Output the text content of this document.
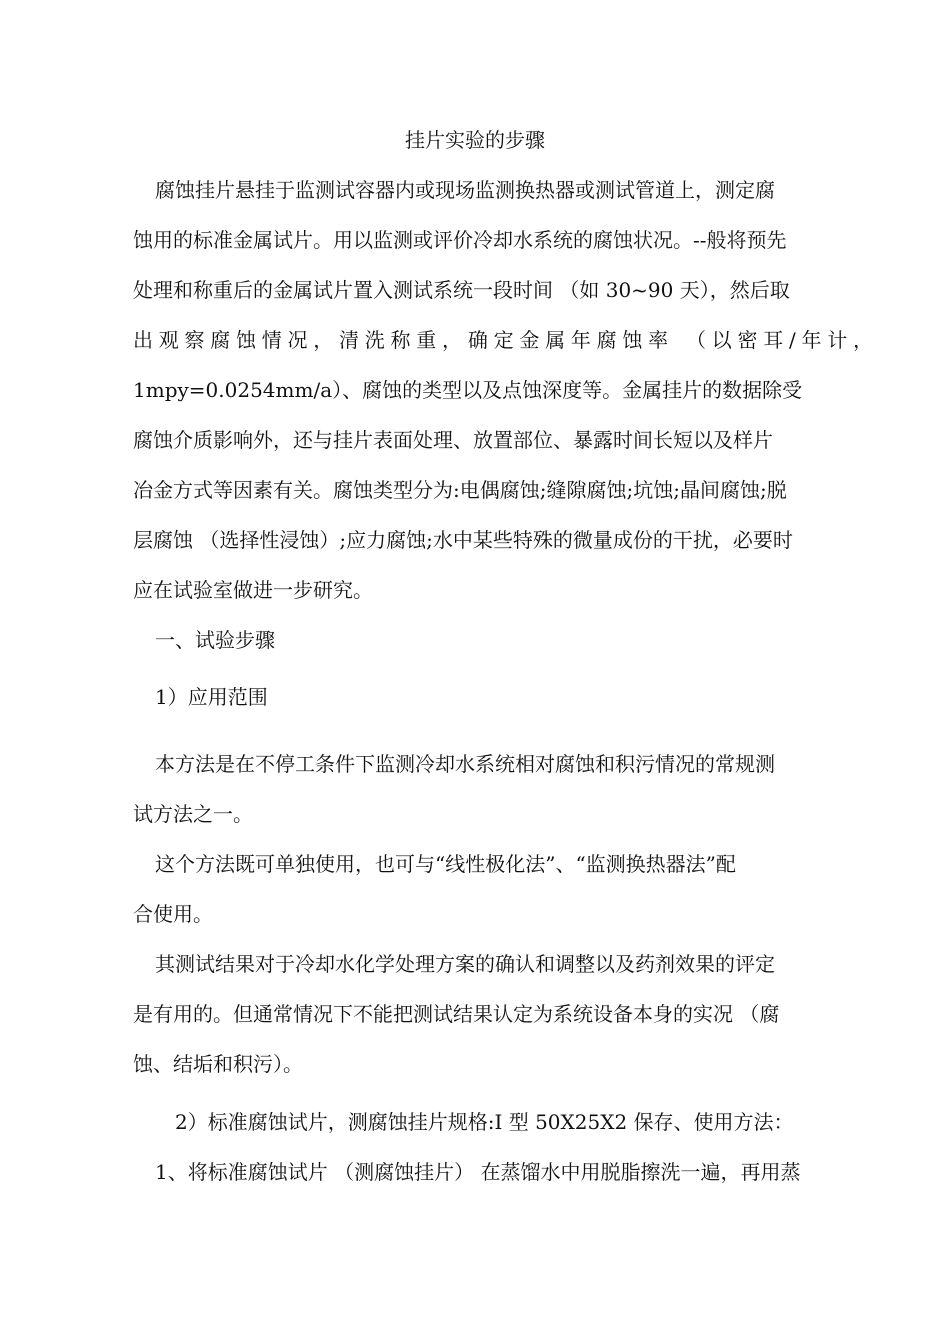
挂片实验的步骤
腐蚀挂片悬挂于监测试容器内或现场监测换热器或测试管道上，测定腐
蚀用的标准金属试片。用以监测或评价冷却水系统的腐蚀状况。--般将预先
处理和称重后的金属试片置入测试系统一段时间 （如 30~90 天），然后取
出观察腐蚀情况，清洗称重，确定金属年腐蚀率 （以密耳/年计，
1mpy=0.0254mm/a）、腐蚀的类型以及点蚀深度等。金属挂片的数据除受
腐蚀介质影响外，还与挂片表面处理、放置部位、暴露时间长短以及样片
冶金方式等因素有关。腐蚀类型分为:电偶腐蚀;缝隙腐蚀;坑蚀;晶间腐蚀;脱
层腐蚀 （选择性浸蚀）;应力腐蚀;水中某些特殊的微量成份的干扰，必要时
应在试验室做进一步研究。
一、试验步骤
1）应用范围
本方法是在不停工条件下监测冷却水系统相对腐蚀和积污情况的常规测
试方法之一。
这个方法既可单独使用，也可与“线性极化法”、“监测换热器法”配
合使用。
其测试结果对于冷却水化学处理方案的确认和调整以及药剂效果的评定
是有用的。但通常情况下不能把测试结果认定为系统设备本身的实况 （腐
蚀、结垢和积污）。
2）标准腐蚀试片，测腐蚀挂片规格:I 型 50X25X2 保存、使用方法：
1、将标准腐蚀试片 （测腐蚀挂片） 在蒸馏水中用脱脂擦洗一遍，再用蒸
